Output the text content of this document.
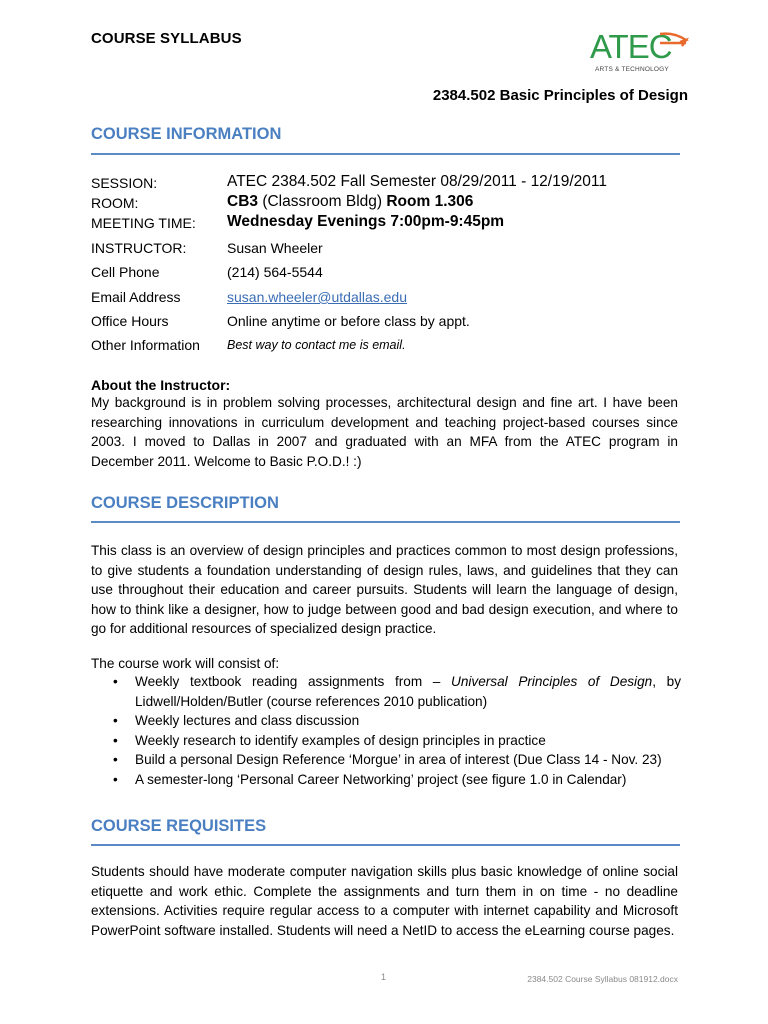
COURSE SYLLABUS	ATEC
ARTS & TECHNOLOGY
2384.502 Basic Principles of Design
COURSE INFORMATION
SESSION:	ATEC 2384.502 Fall Semester 08/29/2011 - 12/19/2011
ROOM:	CB3 (Classroom Bldg) Room 1.306
MEETING TIME: Wednesday Evenings 7:00pm-9:45pm
INSTRUCTOR:	Susan Wheeler
Cell Phone	(214) 564-5544
Email Address	susan.wheeler@utdallas.edu
Office Hours	Online anytime or before class by appt.
Other Information Best way to contact me is email.
About the Instructor:
My background is in problem solving processes, architectural design and fine art. I have been researching innovations in curriculum development and teaching project-based courses since 2003. I moved to Dallas in 2007 and graduated with an MFA from the ATEC program in December 2011. Welcome to Basic P.O.D.! :)
COURSE DESCRIPTION
This class is an overview of design principles and practices common to most design professions, to give students a foundation understanding of design rules, laws, and guidelines that they can use throughout their education and career pursuits. Students will learn the language of design, how to think like a designer, how to judge between good and bad design execution, and where to go for additional resources of specialized design practice.
The course work will consist of:
• Weekly textbook reading assignments from – Universal Principles of Design, by Lidwell/Holden/Butler (course references 2010 publication)
• Weekly lectures and class discussion
• Weekly research to identify examples of design principles in practice
• Build a personal Design Reference ‘Morgue’ in area of interest (Due Class 14 - Nov. 23)
• A semester-long ‘Personal Career Networking’ project (see figure 1.0 in Calendar)
COURSE REQUISITES
Students should have moderate computer navigation skills plus basic knowledge of online social etiquette and work ethic. Complete the assignments and turn them in on time - no deadline extensions. Activities require regular access to a computer with internet capability and Microsoft PowerPoint software installed. Students will need a NetID to access the eLearning course pages.
1	2384.502 Course Syllabus 081912.docx
